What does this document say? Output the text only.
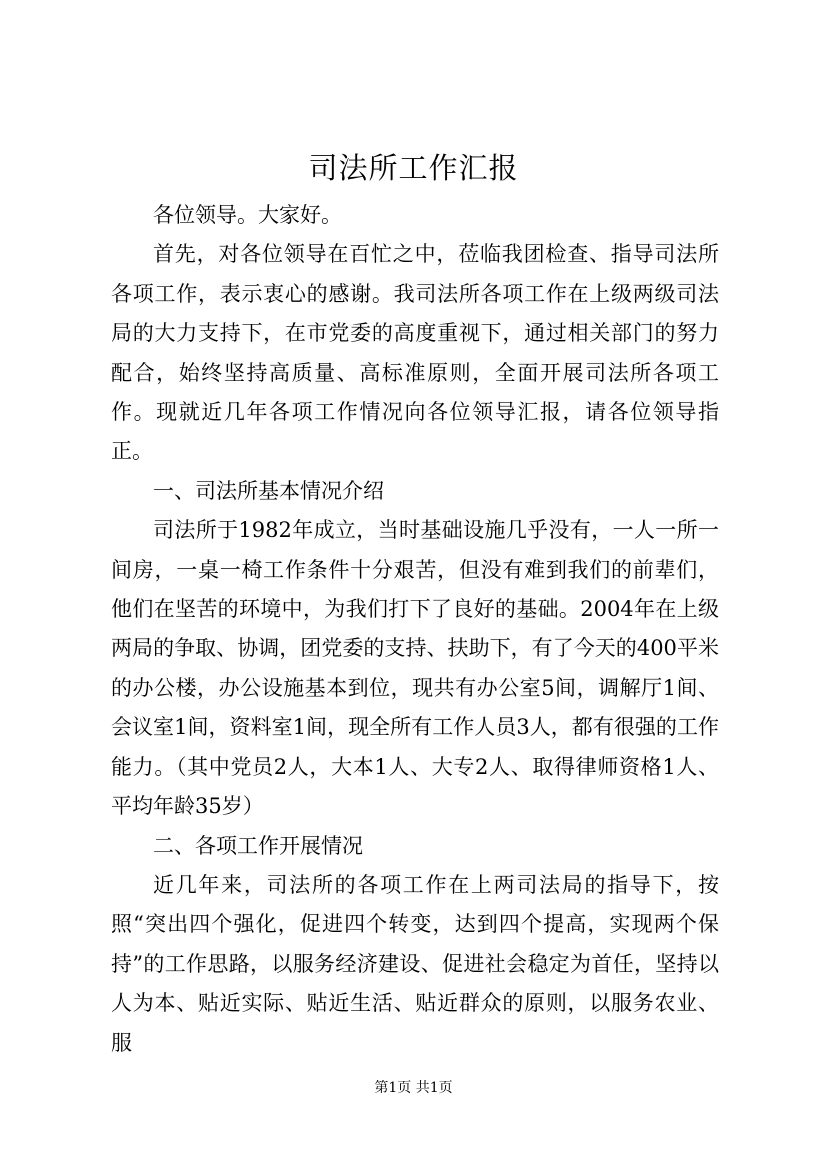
司法所工作汇报

各位领导。大家好。

首先，对各位领导在百忙之中，莅临我团检查、指导司法所各项工作，表示衷心的感谢。我司法所各项工作在上级两级司法局的大力支持下，在市党委的高度重视下，通过相关部门的努力配合，始终坚持高质量、高标准原则，全面开展司法所各项工作。现就近几年各项工作情况向各位领导汇报，请各位领导指正。

一、司法所基本情况介绍

司法所于1982年成立，当时基础设施几乎没有，一人一所一间房，一桌一椅工作条件十分艰苦，但没有难到我们的前辈们，他们在坚苦的环境中，为我们打下了良好的基础。2004年在上级两局的争取、协调，团党委的支持、扶助下，有了今天的400平米的办公楼，办公设施基本到位，现共有办公室5间，调解厅1间、会议室1间，资料室1间，现全所有工作人员3人，都有很强的工作能力。（其中党员2人，大本1人、大专2人、取得律师资格1人、平均年龄35岁）

二、各项工作开展情况

近几年来，司法所的各项工作在上两司法局的指导下，按照“突出四个强化，促进四个转变，达到四个提高，实现两个保持”的工作思路，以服务经济建设、促进社会稳定为首任，坚持以人为本、贴近实际、贴近生活、贴近群众的原则，以服务农业、服

第1页 共1页
